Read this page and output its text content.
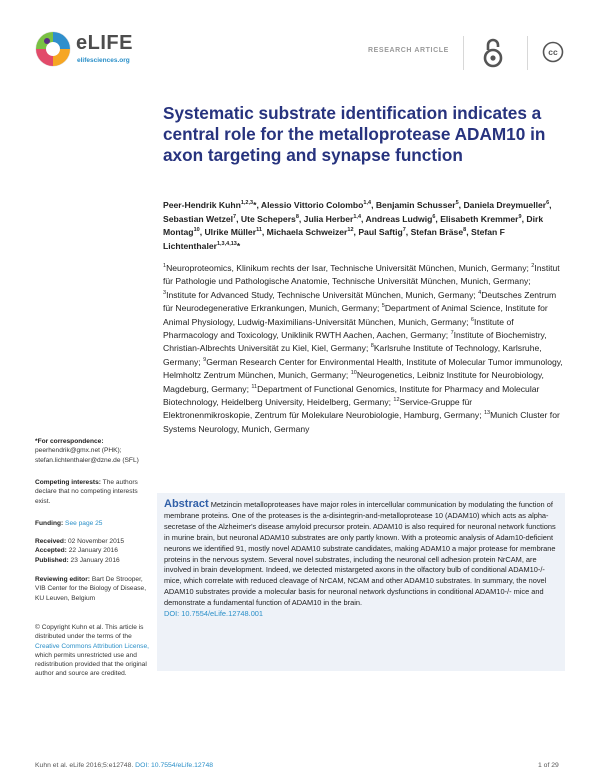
eLIFE
elifesciences.org
RESEARCH ARTICLE	cc
Systematic substrate identification indicates a central role for the metalloprotease ADAM10 in axon targeting and synapse function

Peer-Hendrik Kuhn$^{1,2,3}$*, Alessio Vittorio Colombo$^{1,4}$, Benjamin Schusser$^5$, Daniela Dreymueller$^6$, Sebastian Wetzel$^7$, Ute Schepers$^8$, Julia Herber$^{1,4}$, Andreas Ludwig$^6$, Elisabeth Kremmer$^9$, Dirk Montag$^{10}$, Ulrike Müller$^{11}$, Michaela Schweizer$^{12}$, Paul Saftig$^7$, Stefan Bräse$^8$, Stefan F Lichtenthaler$^{1,3,4,13}$*

$^1$Neuroproteomics, Klinikum rechts der Isar, Technische Universität München, Munich, Germany; $^2$Institut für Pathologie und Pathologische Anatomie, Technische Universität München, Munich, Germany; $^3$Institute for Advanced Study, Technische Universität München, Munich, Germany; $^4$Deutsches Zentrum für Neurodegenerative Erkrankungen, Munich, Germany; $^5$Department of Animal Science, Institute for Animal Physiology, Ludwig-Maximilians-Universität München, Munich, Germany; $^6$Institute of Pharmacology and Toxicology, Uniklinik RWTH Aachen, Aachen, Germany; $^7$Institute of Biochemistry, Christian-Albrechts Universität zu Kiel, Kiel, Germany; $^8$Karlsruhe Institute of Technology, Karlsruhe, Germany; $^9$German Research Center for Environmental Health, Institute of Molecular Tumor immunology, Helmholtz Zentrum München, Munich, Germany; $^{10}$Neurogenetics, Leibniz Institute for Neurobiology, Magdeburg, Germany; $^{11}$Department of Functional Genomics, Institute for Pharmacy and Molecular Biotechnology, Heidelberg University, Heidelberg, Germany; $^{12}$Service-Gruppe für Elektronenmikroskopie, Zentrum für Molekulare Neurobiologie, Hamburg, Germany; $^{13}$Munich Cluster for Systems Neurology, Munich, Germany

*For correspondence:
peerhendrik@gmx.net (PHK);
stefan.lichtenthaler@dzne.de (SFL)

Competing interests: The authors declare that no competing interests exist.

Funding: See page 25

Received: 02 November 2015
Accepted: 22 January 2016
Published: 23 January 2016

Reviewing editor: Bart De Strooper, VIB Center for the Biology of Disease, KU Leuven, Belgium

© Copyright Kuhn et al. This article is distributed under the terms of the Creative Commons Attribution License, which permits unrestricted use and redistribution provided that the original author and source are credited.

Abstract Metzincin metalloproteases have major roles in intercellular communication by modulating the function of membrane proteins. One of the proteases is the a-disintegrin-and-metalloprotease 10 (ADAM10) which acts as alpha-secretase of the Alzheimer's disease amyloid precursor protein. ADAM10 is also required for neuronal network functions in murine brain, but neuronal ADAM10 substrates are only partly known. With a proteomic analysis of Adam10-deficient neurons we identified 91, mostly novel ADAM10 substrate candidates, making ADAM10 a major protease for membrane proteins in the nervous system. Several novel substrates, including the neuronal cell adhesion protein NrCAM, are involved in brain development. Indeed, we detected mistargeted axons in the olfactory bulb of conditional ADAM10-/- mice, which correlate with reduced cleavage of NrCAM, NCAM and other ADAM10 substrates. In summary, the novel ADAM10 substrates provide a molecular basis for neuronal network dysfunctions in conditional ADAM10-/- mice and demonstrate a fundamental function of ADAM10 in the brain.
DOI: 10.7554/eLife.12748.001

Kuhn et al. eLife 2016;5:e12748. DOI: 10.7554/eLife.12748	1 of 29
